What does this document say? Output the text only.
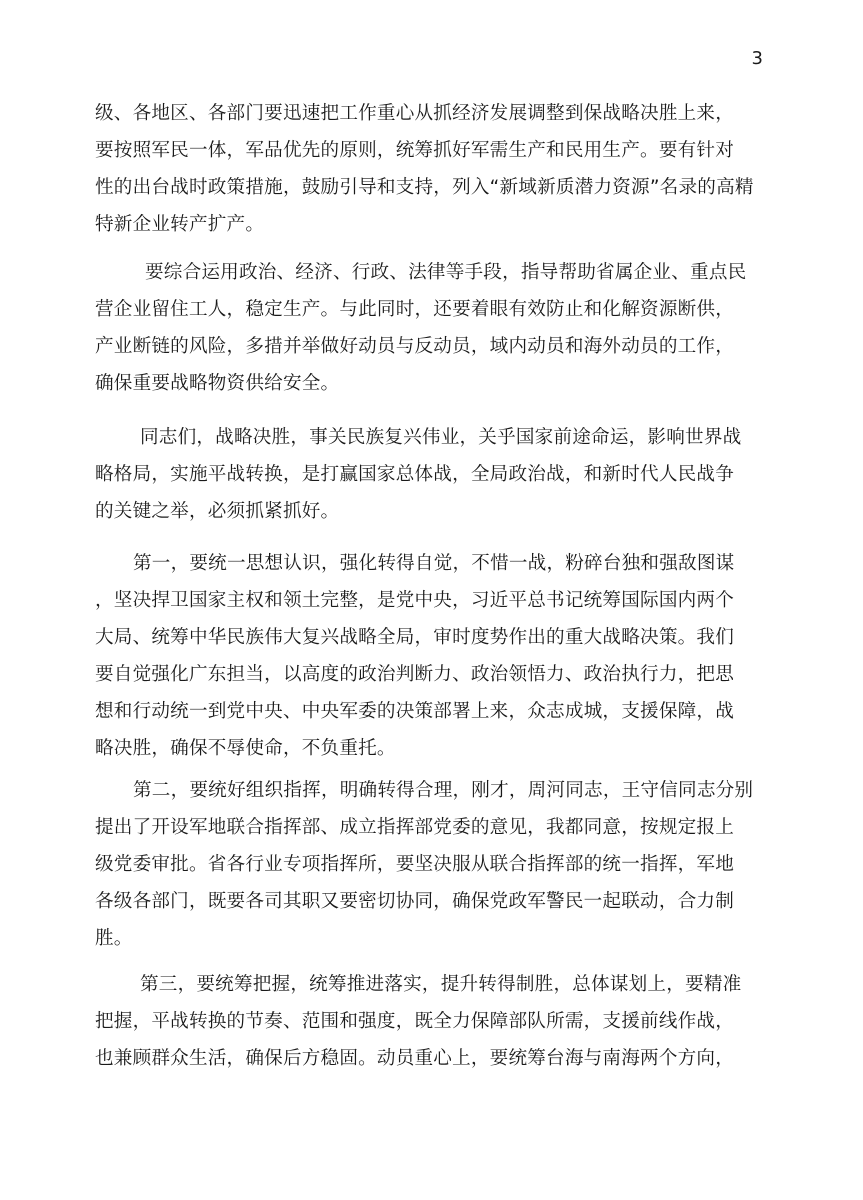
3
级、各地区、各部门要迅速把工作重心从抓经济发展调整到保战略决胜上来，
要按照军民一体，军品优先的原则，统筹抓好军需生产和民用生产。要有针对
性的出台战时政策措施，鼓励引导和支持，列入“新域新质潜力资源”名录的高精
特新企业转产扩产。
要综合运用政治、经济、行政、法律等手段，指导帮助省属企业、重点民
营企业留住工人，稳定生产。与此同时，还要着眼有效防止和化解资源断供，
产业断链的风险，多措并举做好动员与反动员，域内动员和海外动员的工作，
确保重要战略物资供给安全。
同志们，战略决胜，事关民族复兴伟业，关乎国家前途命运，影响世界战
略格局，实施平战转换，是打赢国家总体战，全局政治战，和新时代人民战争
的关键之举，必须抓紧抓好。
第一，要统一思想认识，强化转得自觉，不惜一战，粉碎台独和强敌图谋
，坚决捍卫国家主权和领土完整，是党中央，习近平总书记统筹国际国内两个
大局、统筹中华民族伟大复兴战略全局，审时度势作出的重大战略决策。我们
要自觉强化广东担当，以高度的政治判断力、政治领悟力、政治执行力，把思
想和行动统一到党中央、中央军委的决策部署上来，众志成城，支援保障，战
略决胜，确保不辱使命，不负重托。
第二，要统好组织指挥，明确转得合理，刚才，周河同志，王守信同志分别
提出了开设军地联合指挥部、成立指挥部党委的意见，我都同意，按规定报上
级党委审批。省各行业专项指挥所，要坚决服从联合指挥部的统一指挥，军地
各级各部门，既要各司其职又要密切协同，确保党政军警民一起联动，合力制
胜。
第三，要统筹把握，统筹推进落实，提升转得制胜，总体谋划上，要精准
把握，平战转换的节奏、范围和强度，既全力保障部队所需，支援前线作战，
也兼顾群众生活，确保后方稳固。动员重心上，要统筹台海与南海两个方向，
